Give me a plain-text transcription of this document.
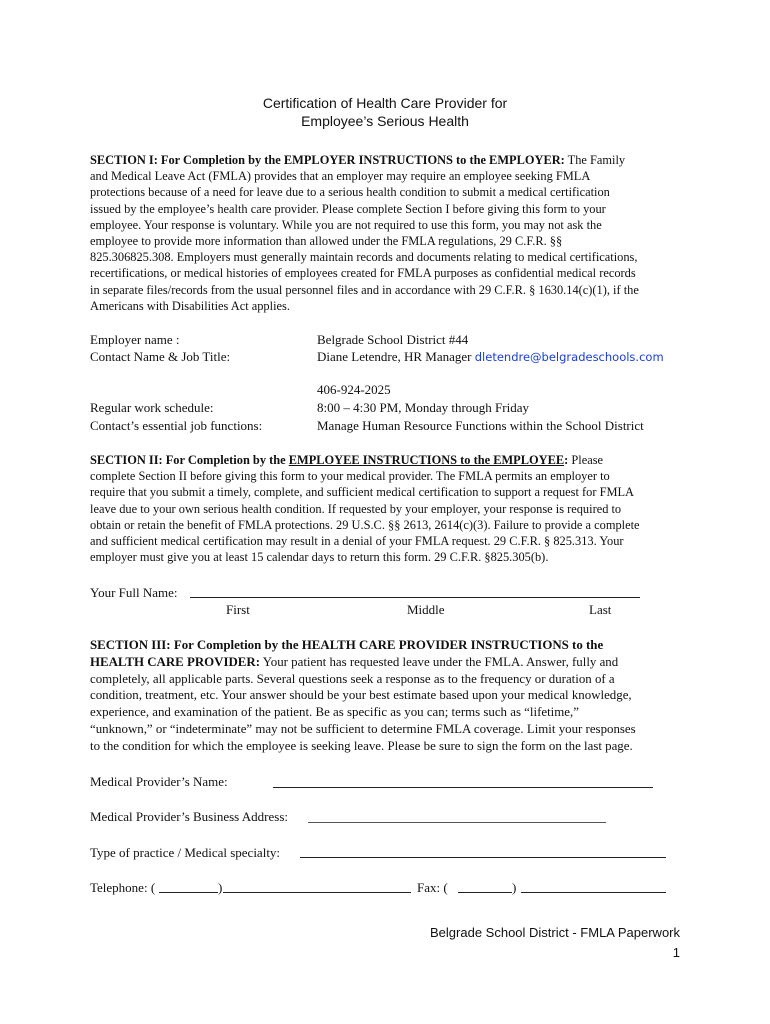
Certification of Health Care Provider for
Employee’s Serious Health
SECTION I: For Completion by the EMPLOYER INSTRUCTIONS to the EMPLOYER: The Family
and Medical Leave Act (FMLA) provides that an employer may require an employee seeking FMLA
protections because of a need for leave due to a serious health condition to submit a medical certification
issued by the employee’s health care provider. Please complete Section I before giving this form to your
employee. Your response is voluntary. While you are not required to use this form, you may not ask the
employee to provide more information than allowed under the FMLA regulations, 29 C.F.R. §§
825.306825.308. Employers must generally maintain records and documents relating to medical certifications,
recertifications, or medical histories of employees created for FMLA purposes as confidential medical records
in separate files/records from the usual personnel files and in accordance with 29 C.F.R. § 1630.14(c)(1), if the
Americans with Disabilities Act applies.
Employer name :	Belgrade School District #44
Contact Name & Job Title:	Diane Letendre, HR Manager dletendre@belgradeschools.com
406-924-2025
Regular work schedule:	8:00 – 4:30 PM, Monday through Friday
Contact’s essential job functions:	Manage Human Resource Functions within the School District
SECTION II: For Completion by the EMPLOYEE INSTRUCTIONS to the EMPLOYEE: Please
complete Section II before giving this form to your medical provider. The FMLA permits an employer to
require that you submit a timely, complete, and sufficient medical certification to support a request for FMLA
leave due to your own serious health condition. If requested by your employer, your response is required to
obtain or retain the benefit of FMLA protections. 29 U.S.C. §§ 2613, 2614(c)(3). Failure to provide a complete
and sufficient medical certification may result in a denial of your FMLA request. 29 C.F.R. § 825.313. Your
employer must give you at least 15 calendar days to return this form. 29 C.F.R. §825.305(b).
Your Full Name:
First	Middle	Last
SECTION III: For Completion by the HEALTH CARE PROVIDER INSTRUCTIONS to the
HEALTH CARE PROVIDER: Your patient has requested leave under the FMLA. Answer, fully and
completely, all applicable parts. Several questions seek a response as to the frequency or duration of a
condition, treatment, etc. Your answer should be your best estimate based upon your medical knowledge,
experience, and examination of the patient. Be as specific as you can; terms such as “lifetime,”
“unknown,” or “indeterminate” may not be sufficient to determine FMLA coverage. Limit your responses
to the condition for which the employee is seeking leave. Please be sure to sign the form on the last page.
Medical Provider’s Name:
Medical Provider’s Business Address:
Type of practice / Medical specialty:
Telephone: (	)	Fax: (	)
Belgrade School District - FMLA Paperwork
1
